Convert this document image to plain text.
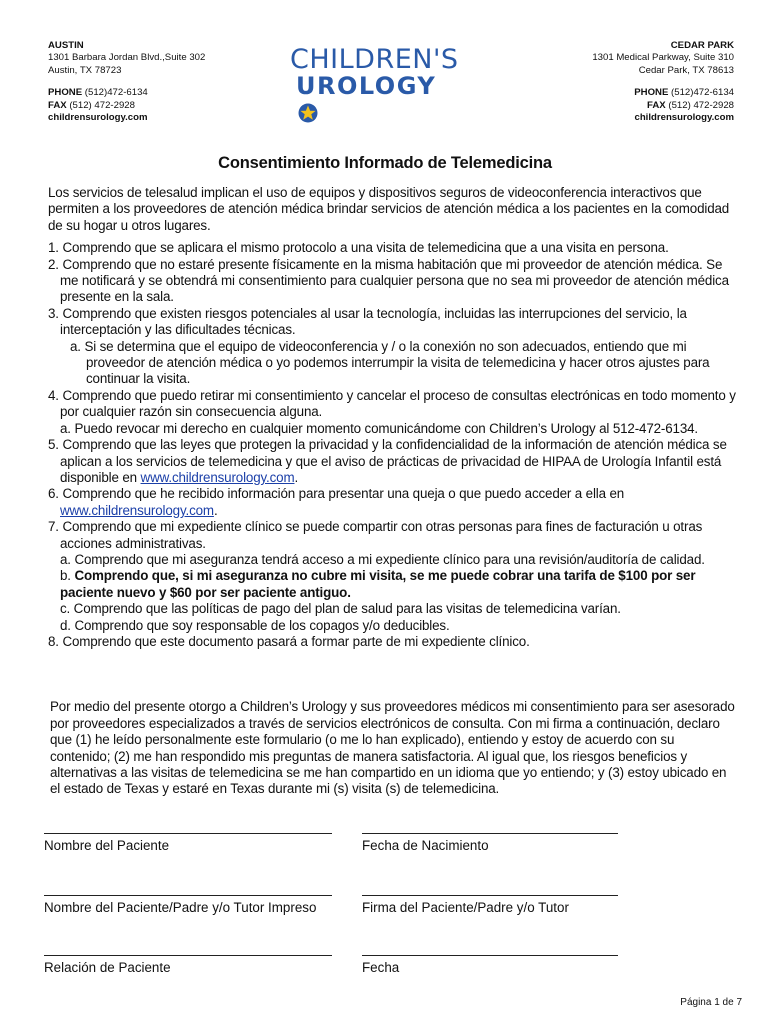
AUSTIN
1301 Barbara Jordan Blvd.,Suite 302
Austin, TX 78723
PHONE (512)472-6134
FAX (512) 472-2928
childrensurology.com
CHILDREN'S
UROLOGY
CEDAR PARK
1301 Medical Parkway, Suite 310
Cedar Park, TX 78613
PHONE (512)472-6134
FAX (512) 472-2928
childrensurology.com
Consentimiento Informado de Telemedicina

Los servicios de telesalud implican el uso de equipos y dispositivos seguros de videoconferencia interactivos que permiten a los proveedores de atención médica brindar servicios de atención médica a los pacientes en la comodidad de su hogar u otros lugares.

1. Comprendo que se aplicara el mismo protocolo a una visita de telemedicina que a una visita en persona.

2. Comprendo que no estaré presente físicamente en la misma habitación que mi proveedor de atención médica. Se me notificará y se obtendrá mi consentimiento para cualquier persona que no sea mi proveedor de atención médica presente en la sala.

3. Comprendo que existen riesgos potenciales al usar la tecnología, incluidas las interrupciones del servicio, la interceptación y las dificultades técnicas.

a. Si se determina que el equipo de videoconferencia y / o la conexión no son adecuados, entiendo que mi proveedor de atención médica o yo podemos interrumpir la visita de telemedicina y hacer otros ajustes para continuar la visita.

4. Comprendo que puedo retirar mi consentimiento y cancelar el proceso de consultas electrónicas en todo momento y por cualquier razón sin consecuencia alguna.

a. Puedo revocar mi derecho en cualquier momento comunicándome con Children’s Urology al 512-472-6134.

5. Comprendo que las leyes que protegen la privacidad y la confidencialidad de la información de atención médica se aplican a los servicios de telemedicina y que el aviso de prácticas de privacidad de HIPAA de Urología Infantil está disponible en www.childrensurology.com.

6. Comprendo que he recibido información para presentar una queja o que puedo acceder a ella en www.childrensurology.com.

7. Comprendo que mi expediente clínico se puede compartir con otras personas para fines de facturación u otras acciones administrativas.

a. Comprendo que mi aseguranza tendrá acceso a mi expediente clínico para una revisión/auditoría de calidad.

b. Comprendo que, si mi aseguranza no cubre mi visita, se me puede cobrar una tarifa de $100 por ser paciente nuevo y $60 por ser paciente antiguo.

c. Comprendo que las políticas de pago del plan de salud para las visitas de telemedicina varían.

d. Comprendo que soy responsable de los copagos y/o deducibles.

8. Comprendo que este documento pasará a formar parte de mi expediente clínico.

Por medio del presente otorgo a Children’s Urology y sus proveedores médicos mi consentimiento para ser asesorado por proveedores especializados a través de servicios electrónicos de consulta. Con mi firma a continuación, declaro que (1) he leído personalmente este formulario (o me lo han explicado), entiendo y estoy de acuerdo con su contenido; (2) me han respondido mis preguntas de manera satisfactoria. Al igual que, los riesgos beneficios y alternativas a las visitas de telemedicina se me han compartido en un idioma que yo entiendo; y (3) estoy ubicado en el estado de Texas y estaré en Texas durante mi (s) visita (s) de telemedicina.

Nombre del Paciente	Fecha de Nacimiento
Nombre del Paciente/Padre y/o Tutor Impreso	Firma del Paciente/Padre y/o Tutor
Relación de Paciente	Fecha
Página 1 de 7
